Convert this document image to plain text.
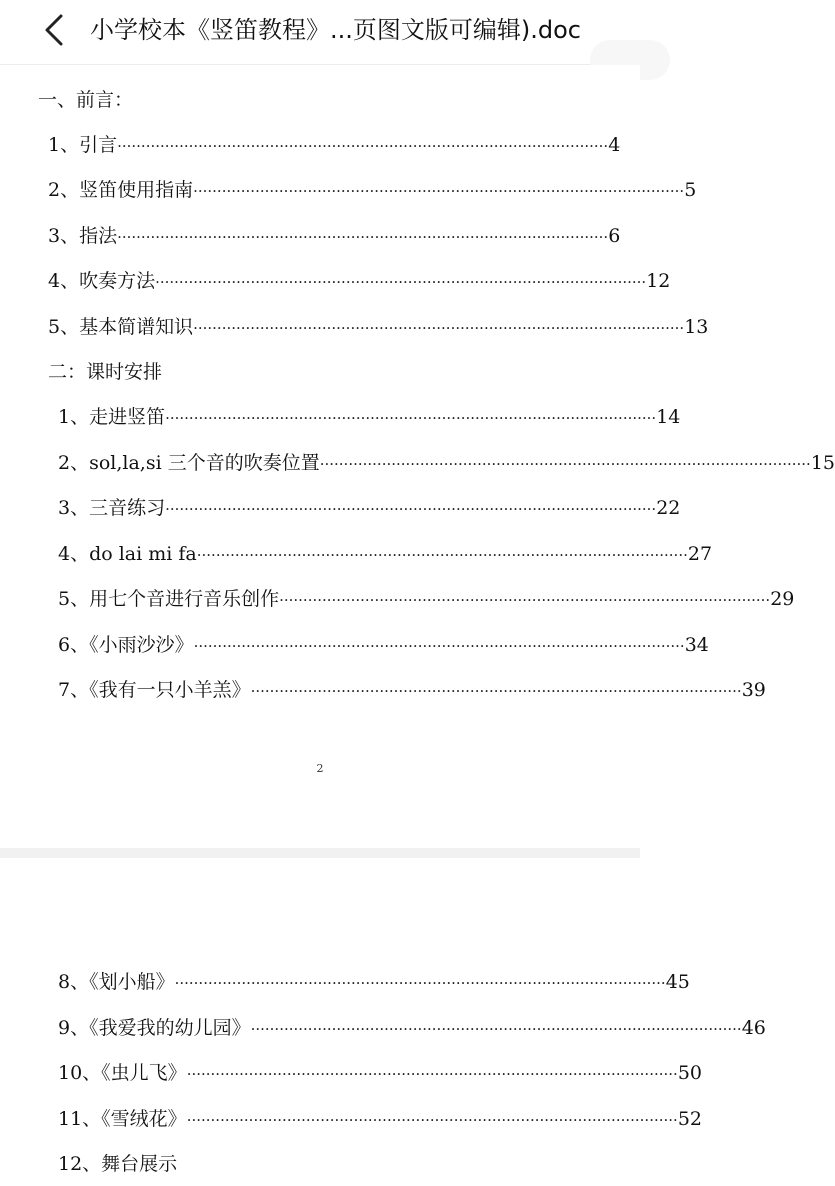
小学校本《竖笛教程》...页图文版可编辑).doc
一、前言：
1、引言 ······································································································· 4
2、竖笛使用指南 ······································································································· 5
3、指法 ······································································································· 6
4、吹奏方法 ······································································································· 12
5、基本简谱知识 ······································································································· 13
二：课时安排
1、走进竖笛 ······································································································· 14
2、sol,la,si 三个音的吹奏位置 ······································································································· 15
3、三音练习 ······································································································· 22
4、do lai mi fa ······································································································· 27
5、用七个音进行音乐创作 ······································································································· 29
6、《小雨沙沙》 ······································································································· 34
7、《我有一只小羊羔》 ······································································································· 39
2
8、《划小船》 ······································································································· 45
9、《我爱我的幼儿园》 ······································································································· 46
10、《虫儿飞》 ······································································································· 50
11、《雪绒花》 ······································································································· 52
12、舞台展示
